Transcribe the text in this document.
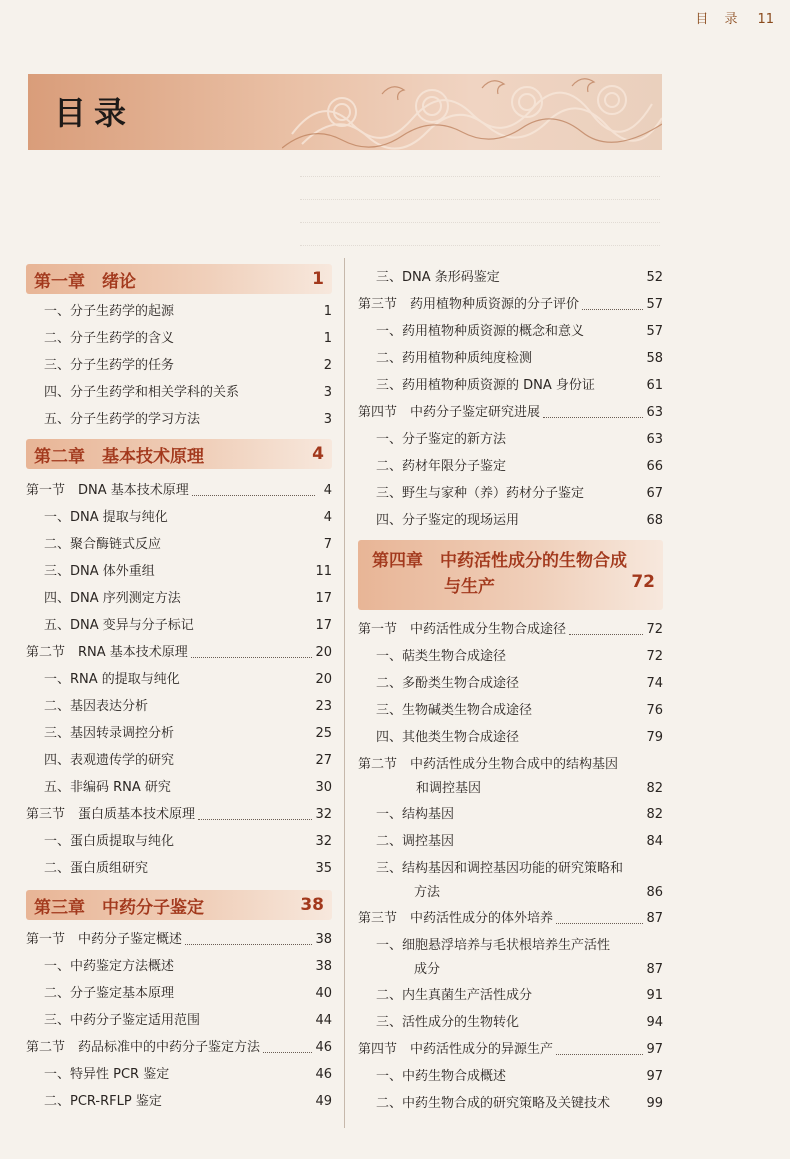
目 录 11
目录
第一章　绪论	1
一、分子生药学的起源	1
二、分子生药学的含义	1
三、分子生药学的任务	2
四、分子生药学和相关学科的关系	3
五、分子生药学的学习方法	3
第二章　基本技术原理	4
第一节　DNA 基本技术原理	4
一、DNA 提取与纯化	4
二、聚合酶链式反应	7
三、DNA 体外重组	11
四、DNA 序列测定方法	17
五、DNA 变异与分子标记	17
第二节　RNA 基本技术原理	20
一、RNA 的提取与纯化	20
二、基因表达分析	23
三、基因转录调控分析	25
四、表观遗传学的研究	27
五、非编码 RNA 研究	30
第三节　蛋白质基本技术原理	32
一、蛋白质提取与纯化	32
二、蛋白质组研究	35
第三章　中药分子鉴定	38
第一节　中药分子鉴定概述	38
一、中药鉴定方法概述	38
二、分子鉴定基本原理	40
三、中药分子鉴定适用范围	44
第二节　药品标准中的中药分子鉴定方法	46
一、特异性 PCR 鉴定	46
二、PCR-RFLP 鉴定	49
三、DNA 条形码鉴定	52
第三节　药用植物种质资源的分子评价	57
一、药用植物种质资源的概念和意义	57
二、药用植物种质纯度检测	58
三、药用植物种质资源的 DNA 身份证	61
第四节　中药分子鉴定研究进展	63
一、分子鉴定的新方法	63
二、药材年限分子鉴定	66
三、野生与家种（养）药材分子鉴定	67
四、分子鉴定的现场运用	68
第四章　中药活性成分的生物合成
与生产	72
第一节　中药活性成分生物合成途径	72
一、萜类生物合成途径	72
二、多酚类生物合成途径	74
三、生物碱类生物合成途径	76
四、其他类生物合成途径	79
第二节　中药活性成分生物合成中的结构基因
和调控基因	82
一、结构基因	82
二、调控基因	84
三、结构基因和调控基因功能的研究策略和
方法	86
第三节　中药活性成分的体外培养	87
一、细胞悬浮培养与毛状根培养生产活性
成分	87
二、内生真菌生产活性成分	91
三、活性成分的生物转化	94
第四节　中药活性成分的异源生产	97
一、中药生物合成概述	97
二、中药生物合成的研究策略及关键技术	99
